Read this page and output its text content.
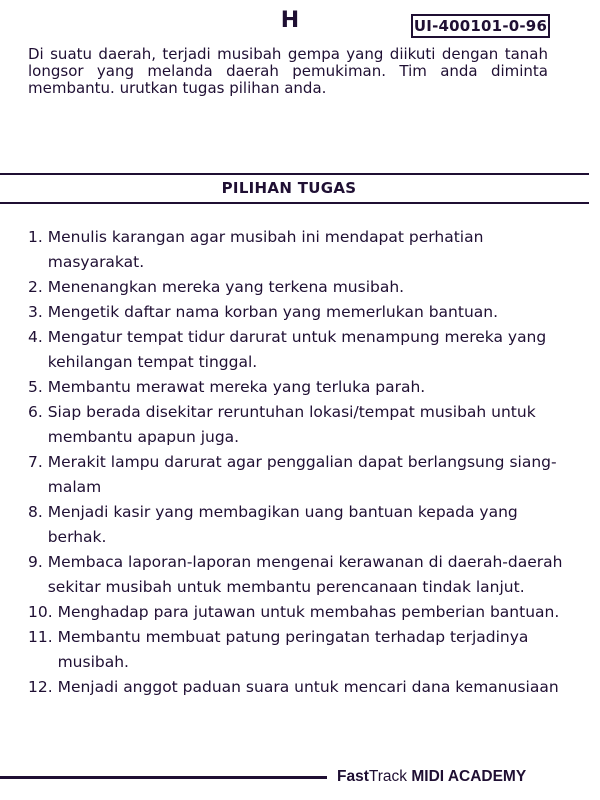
H	UI-400101-0-96
Di suatu daerah, terjadi musibah gempa yang diikuti dengan tanah longsor yang melanda daerah pemukiman. Tim anda diminta membantu. urutkan tugas pilihan anda.
PILIHAN TUGAS
1. Menulis karangan agar musibah ini mendapat perhatian masyarakat.
2. Menenangkan mereka yang terkena musibah.
3. Mengetik daftar nama korban yang memerlukan bantuan.
4. Mengatur tempat tidur darurat untuk menampung mereka yang kehilangan tempat tinggal.
5. Membantu merawat mereka yang terluka parah.
6. Siap berada disekitar reruntuhan lokasi/tempat musibah untuk membantu apapun juga.
7. Merakit lampu darurat agar penggalian dapat berlangsung siang-malam
8. Menjadi kasir yang membagikan uang bantuan kepada yang berhak.
9. Membaca laporan-laporan mengenai kerawanan di daerah-daerah sekitar musibah untuk membantu perencanaan tindak lanjut.
10. Menghadap para jutawan untuk membahas pemberian bantuan.
11. Membantu membuat patung peringatan terhadap terjadinya musibah.
12. Menjadi anggot paduan suara untuk mencari dana kemanusiaan
FastTrack MIDI ACADEMY
